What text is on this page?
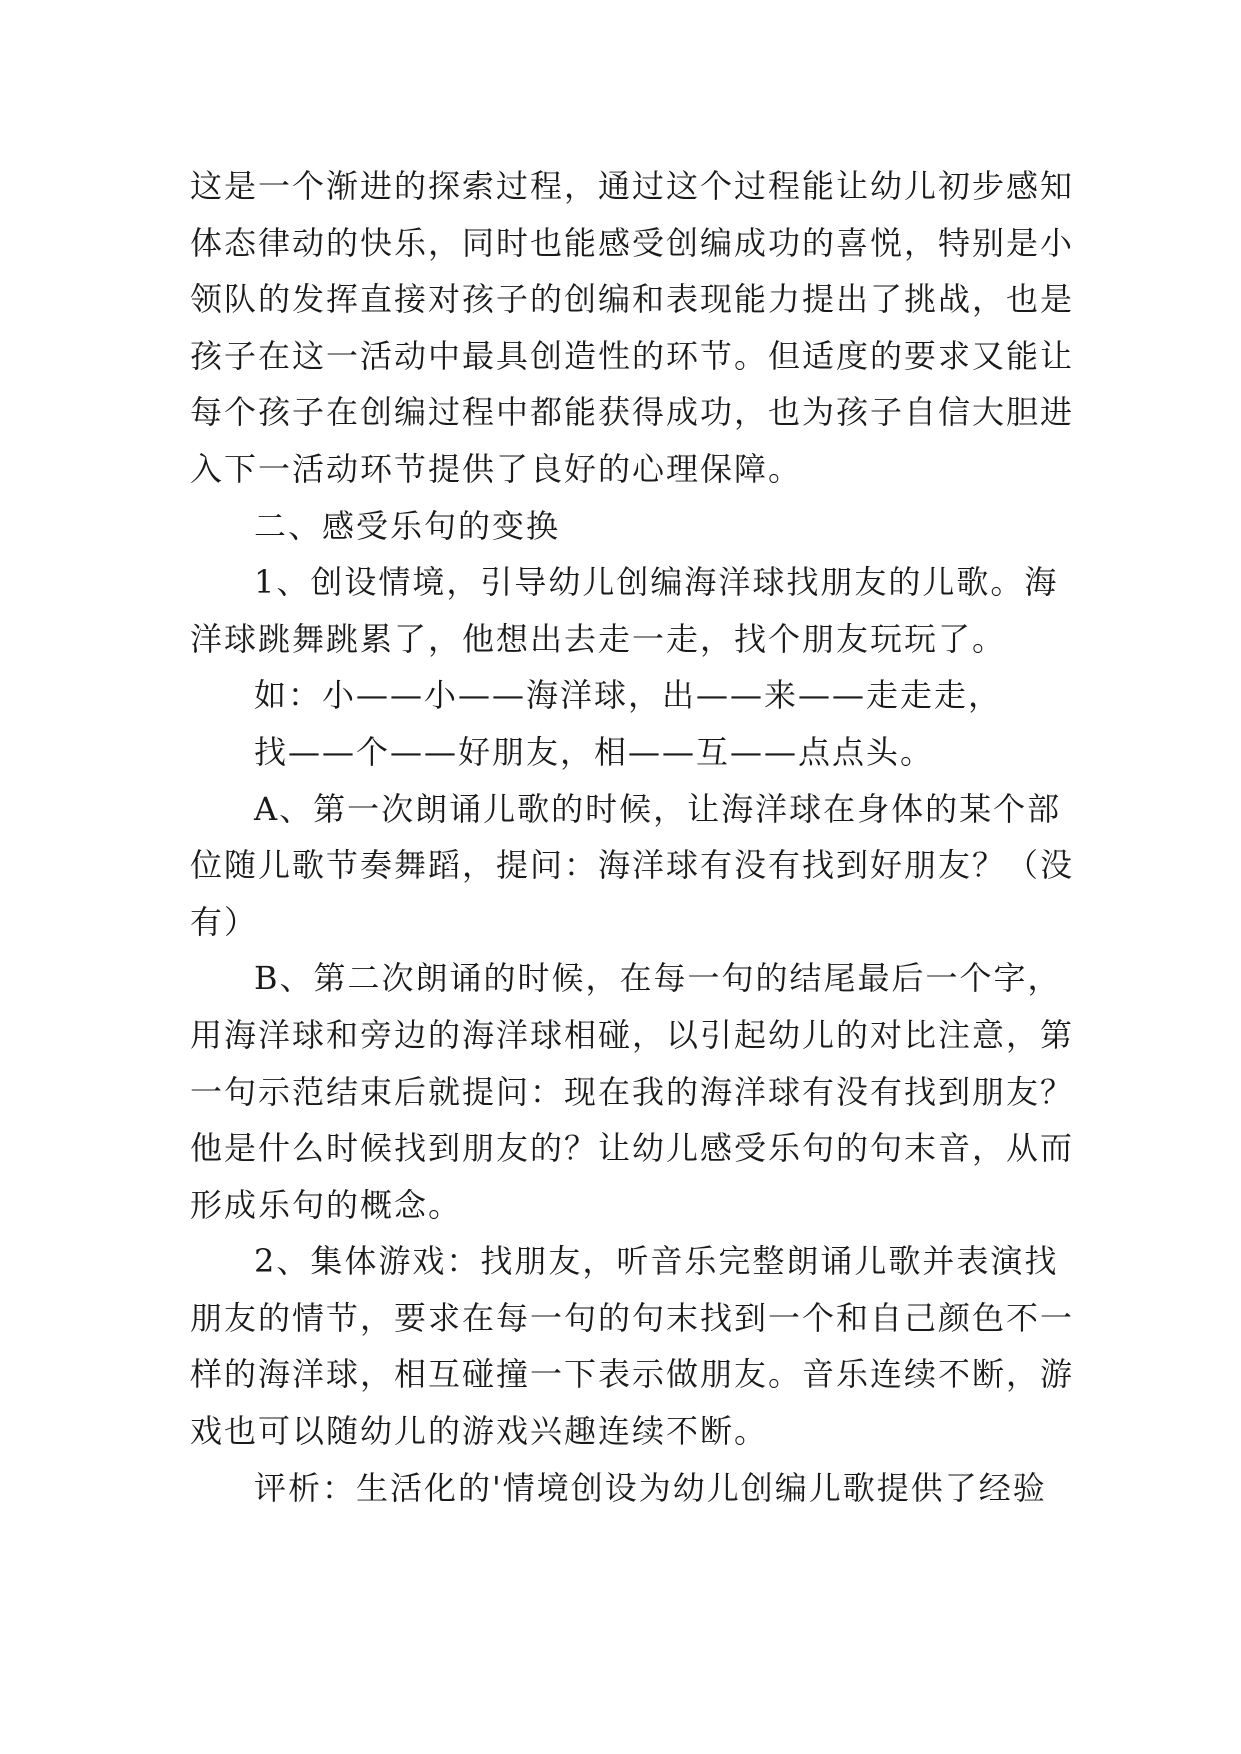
这是一个渐进的探索过程，通过这个过程能让幼儿初步感知
体态律动的快乐，同时也能感受创编成功的喜悦，特别是小
领队的发挥直接对孩子的创编和表现能力提出了挑战，也是
孩子在这一活动中最具创造性的环节。但适度的要求又能让
每个孩子在创编过程中都能获得成功，也为孩子自信大胆进
入下一活动环节提供了良好的心理保障。
二、感受乐句的变换
1、创设情境，引导幼儿创编海洋球找朋友的儿歌。海
洋球跳舞跳累了，他想出去走一走，找个朋友玩玩了。
如：小——小——海洋球，出——来——走走走，
找——个——好朋友，相——互——点点头。
A、第一次朗诵儿歌的时候，让海洋球在身体的某个部
位随儿歌节奏舞蹈，提问：海洋球有没有找到好朋友？（没
有）
B、第二次朗诵的时候，在每一句的结尾最后一个字，
用海洋球和旁边的海洋球相碰，以引起幼儿的对比注意，第
一句示范结束后就提问：现在我的海洋球有没有找到朋友？
他是什么时候找到朋友的？让幼儿感受乐句的句末音，从而
形成乐句的概念。
2、集体游戏：找朋友，听音乐完整朗诵儿歌并表演找
朋友的情节，要求在每一句的句末找到一个和自己颜色不一
样的海洋球，相互碰撞一下表示做朋友。音乐连续不断，游
戏也可以随幼儿的游戏兴趣连续不断。
评析：生活化的'情境创设为幼儿创编儿歌提供了经验
